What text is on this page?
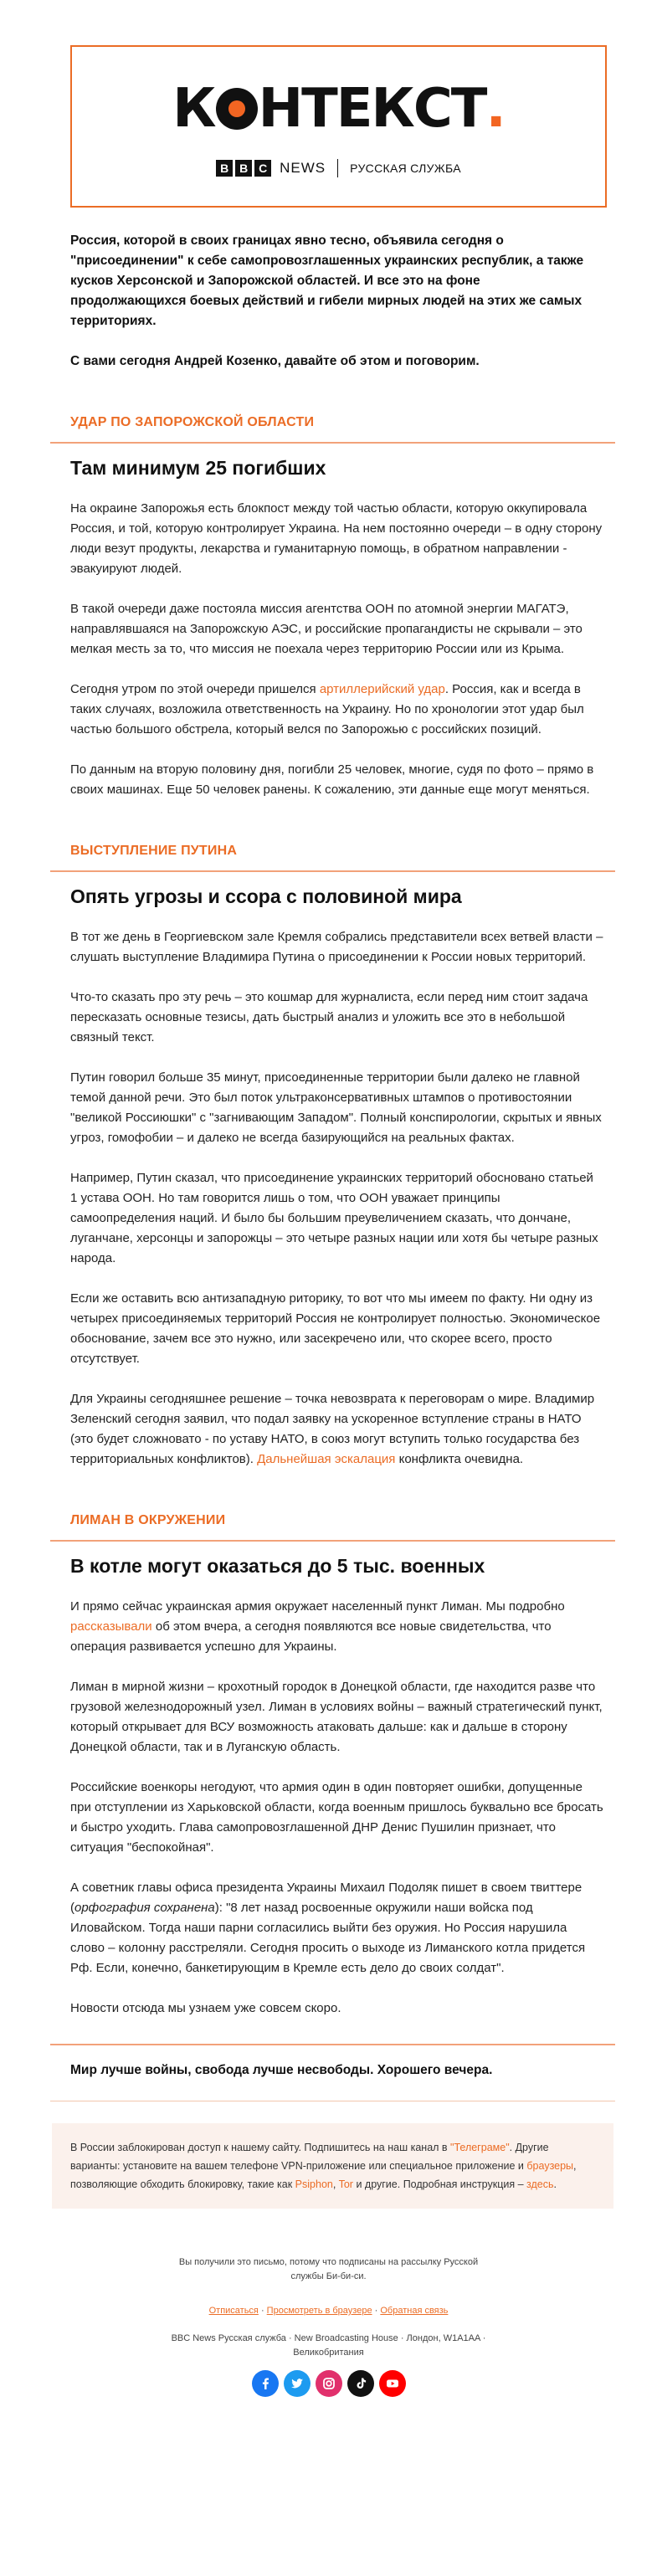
К НТЕКСТ.
B B C NEWS РУССКАЯ СЛУЖБА

Россия, которой в своих границах явно тесно, объявила сегодня о "присоединении" к себе самопровозглашенных украинских республик, а также кусков Херсонской и Запорожской областей. И все это на фоне продолжающихся боевых действий и гибели мирных людей на этих же самых территориях.

С вами сегодня Андрей Козенко, давайте об этом и поговорим.

УДАР ПО ЗАПОРОЖСКОЙ ОБЛАСТИ
Там минимум 25 погибших

На окраине Запорожья есть блокпост между той частью области, которую оккупировала Россия, и той, которую контролирует Украина. На нем постоянно очереди – в одну сторону люди везут продукты, лекарства и гуманитарную помощь, в обратном направлении - эвакуируют людей.

В такой очереди даже постояла миссия агентства ООН по атомной энергии МАГАТЭ, направлявшаяся на Запорожскую АЭС, и российские пропагандисты не скрывали – это мелкая месть за то, что миссия не поехала через территорию России или из Крыма.

Сегодня утром по этой очереди пришелся артиллерийский удар. Россия, как и всегда в таких случаях, возложила ответственность на Украину. Но по хронологии этот удар был частью большого обстрела, который велся по Запорожью с российских позиций.

По данным на вторую половину дня, погибли 25 человек, многие, судя по фото – прямо в своих машинах. Еще 50 человек ранены. К сожалению, эти данные еще могут меняться.

ВЫСТУПЛЕНИЕ ПУТИНА
Опять угрозы и ссора с половиной мира

В тот же день в Георгиевском зале Кремля собрались представители всех ветвей власти – слушать выступление Владимира Путина о присоединении к России новых территорий.

Что-то сказать про эту речь – это кошмар для журналиста, если перед ним стоит задача пересказать основные тезисы, дать быстрый анализ и уложить все это в небольшой связный текст.

Путин говорил больше 35 минут, присоединенные территории были далеко не главной темой данной речи. Это был поток ультраконсервативных штампов о противостоянии "великой Россиюшки" с "загнивающим Западом". Полный конспирологии, скрытых и явных угроз, гомофобии – и далеко не всегда базирующийся на реальных фактах.

Например, Путин сказал, что присоединение украинских территорий обосновано статьей 1 устава ООН. Но там говорится лишь о том, что ООН уважает принципы самоопределения наций. И было бы большим преувеличением сказать, что дончане, луганчане, херсонцы и запорожцы – это четыре разных нации или хотя бы четыре разных народа.

Если же оставить всю антизападную риторику, то вот что мы имеем по факту. Ни одну из четырех присоединяемых территорий Россия не контролирует полностью. Экономическое обоснование, зачем все это нужно, или засекречено или, что скорее всего, просто отсутствует.

Для Украины сегодняшнее решение – точка невозврата к переговорам о мире. Владимир Зеленский сегодня заявил, что подал заявку на ускоренное вступление страны в НАТО (это будет сложновато - по уставу НАТО, в союз могут вступить только государства без территориальных конфликтов). Дальнейшая эскалация конфликта очевидна.

ЛИМАН В ОКРУЖЕНИИ
В котле могут оказаться до 5 тыс. военных

И прямо сейчас украинская армия окружает населенный пункт Лиман. Мы подробно рассказывали об этом вчера, а сегодня появляются все новые свидетельства, что операция развивается успешно для Украины.

Лиман в мирной жизни – крохотный городок в Донецкой области, где находится разве что грузовой железнодорожный узел. Лиман в условиях войны – важный стратегический пункт, который открывает для ВСУ возможность атаковать дальше: как и дальше в сторону Донецкой области, так и в Луганскую область.

Российские военкоры негодуют, что армия один в один повторяет ошибки, допущенные при отступлении из Харьковской области, когда военным пришлось буквально все бросать и быстро уходить. Глава самопровозглашенной ДНР Денис Пушилин признает, что ситуация "беспокойная".

А советник главы офиса президента Украины Михаил Подоляк пишет в своем твиттере (орфография сохранена): "8 лет назад росвоенные окружили наши войска под Иловайском. Тогда наши парни согласились выйти без оружия. Но Россия нарушила слово – колонну расстреляли. Сегодня просить о выходе из Лиманского котла придется Рф. Если, конечно, банкетирующим в Кремле есть дело до своих солдат".

Новости отсюда мы узнаем уже совсем скоро.

Мир лучше войны, свобода лучше несвободы. Хорошего вечера.
В России заблокирован доступ к нашему сайту. Подпишитесь на наш канал в "Телеграме". Другие варианты: установите на вашем телефоне VPN-приложение или специальное приложение и браузеры, позволяющие обходить блокировку, такие как Psiphon, Tor и другие. Подробная инструкция – здесь.
Вы получили это письмо, потому что подписаны на рассылку Русской службы Би-би-си.
Отписаться · Просмотреть в браузере · Обратная связь
BBC News Русская служба · New Broadcasting House · Лондон, W1A1AA · Великобритания
